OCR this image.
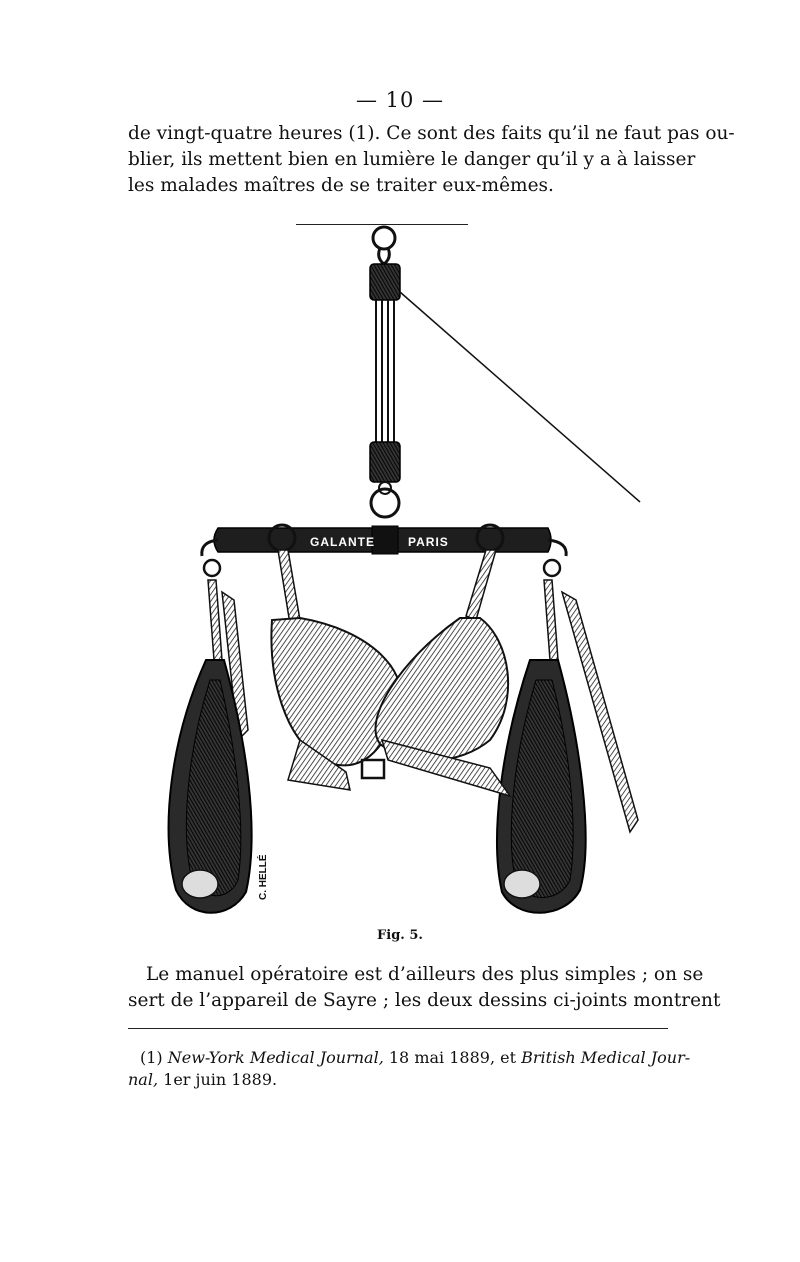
— 10 —
de vingt-quatre heures (1). Ce sont des faits qu’il ne faut pas ou-
blier, ils mettent bien en lumière le danger qu’il y a à laisser
les malades maîtres de se traiter eux-mêmes.
GALANTE	PARIS
C. HELLÉ
Fig. 5.
Le manuel opératoire est d’ailleurs des plus simples ; on se
sert de l’appareil de Sayre ; les deux dessins ci-joints montrent
(1) New-York Medical Journal, 18 mai 1889, et British Medical Jour-
nal, 1er juin 1889.
